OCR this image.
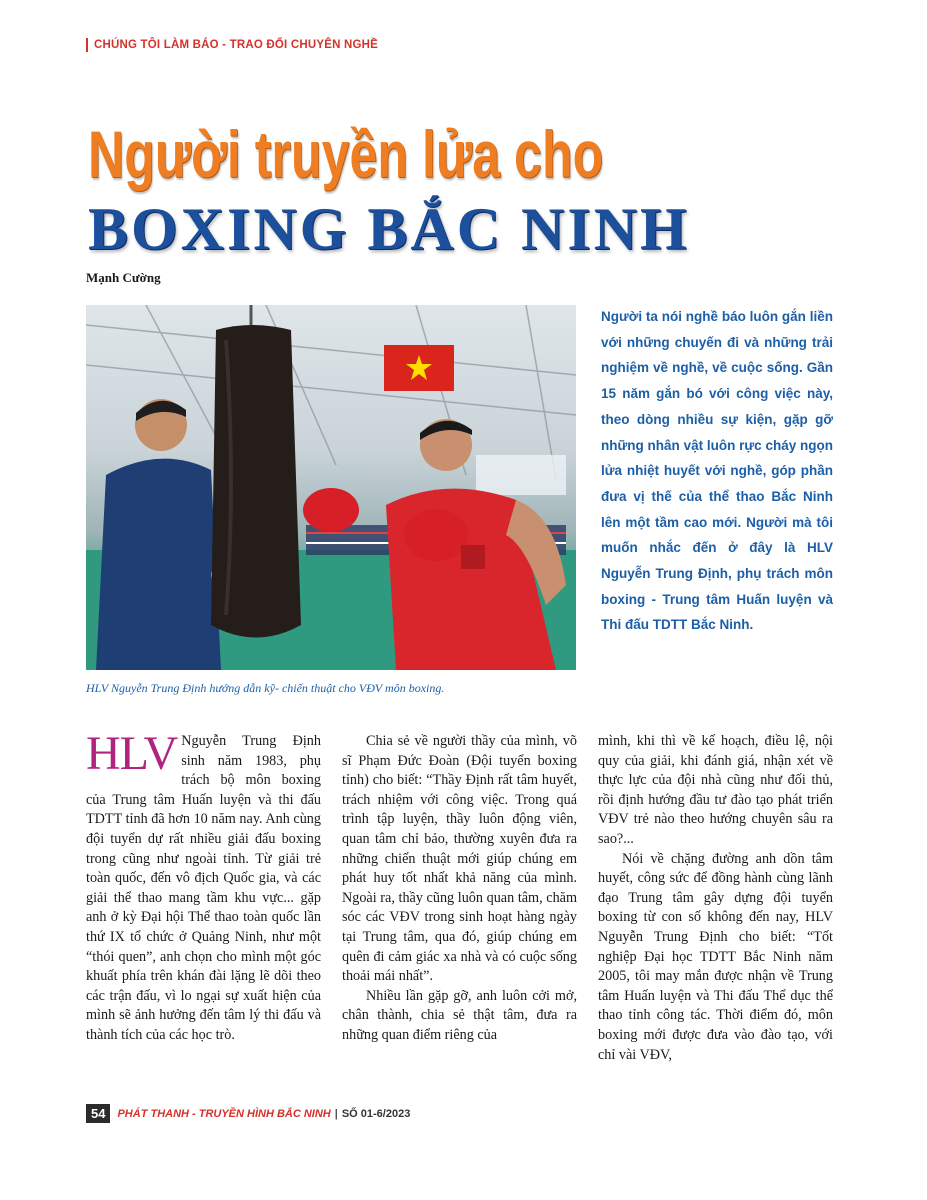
CHÚNG TÔI LÀM BÁO - TRAO ĐỔI CHUYÊN NGHỀ
Người truyền lửa cho
BOXING BẮC NINH
Mạnh Cường
HLV Nguyễn Trung Định hướng dẫn kỹ- chiến thuật cho VĐV môn boxing.
Người ta nói nghề báo luôn gắn liền với những chuyến đi và những trải nghiệm về nghề, về cuộc sống. Gần 15 năm gắn bó với công việc này, theo dòng nhiều sự kiện, gặp gỡ những nhân vật luôn rực cháy ngọn lửa nhiệt huyết với nghề, góp phần đưa vị thế của thể thao Bắc Ninh lên một tầm cao mới. Người mà tôi muốn nhắc đến ở đây là HLV Nguyễn Trung Định, phụ trách môn boxing - Trung tâm Huấn luyện và Thi đấu TDTT Bắc Ninh.

HLV Nguyễn Trung Định sinh năm 1983, phụ trách bộ môn boxing của Trung tâm Huấn luyện và thi đấu TDTT tỉnh đã hơn 10 năm nay. Anh cùng đội tuyển dự rất nhiều giải đấu boxing trong cũng như ngoài tỉnh. Từ giải trẻ toàn quốc, đến vô địch Quốc gia, và các giải thể thao mang tầm khu vực... gặp anh ở kỳ Đại hội Thể thao toàn quốc lần thứ IX tổ chức ở Quảng Ninh, như một “thói quen”, anh chọn cho mình một góc khuất phía trên khán đài lặng lẽ dõi theo các trận đấu, vì lo ngại sự xuất hiện của mình sẽ ảnh hưởng đến tâm lý thi đấu và thành tích của các học trò.

Chia sẻ về người thầy của mình, võ sĩ Phạm Đức Đoàn (Đội tuyển boxing tỉnh) cho biết: “Thầy Định rất tâm huyết, trách nhiệm với công việc. Trong quá trình tập luyện, thầy luôn động viên, quan tâm chỉ bảo, thường xuyên đưa ra những chiến thuật mới giúp chúng em phát huy tốt nhất khả năng của mình. Ngoài ra, thầy cũng luôn quan tâm, chăm sóc các VĐV trong sinh hoạt hàng ngày tại Trung tâm, qua đó, giúp chúng em quên đi cảm giác xa nhà và có cuộc sống thoải mái nhất”.

Nhiều lần gặp gỡ, anh luôn cởi mở, chân thành, chia sẻ thật tâm, đưa ra những quan điểm riêng của

mình, khi thì về kế hoạch, điều lệ, nội quy của giải, khi đánh giá, nhận xét về thực lực của đội nhà cũng như đối thủ, rồi định hướng đầu tư đào tạo phát triển VĐV trẻ nào theo hướng chuyên sâu ra sao?...

Nói về chặng đường anh dồn tâm huyết, công sức để đồng hành cùng lãnh đạo Trung tâm gây dựng đội tuyển boxing từ con số không đến nay, HLV Nguyễn Trung Định cho biết: “Tốt nghiệp Đại học TDTT Bắc Ninh năm 2005, tôi may mắn được nhận về Trung tâm Huấn luyện và Thi đấu Thể dục thể thao tỉnh công tác. Thời điểm đó, môn boxing mới được đưa vào đào tạo, với chỉ vài VĐV,

54	PHÁT THANH - TRUYỀN HÌNH BẮC NINH | SỐ 01-6/2023
